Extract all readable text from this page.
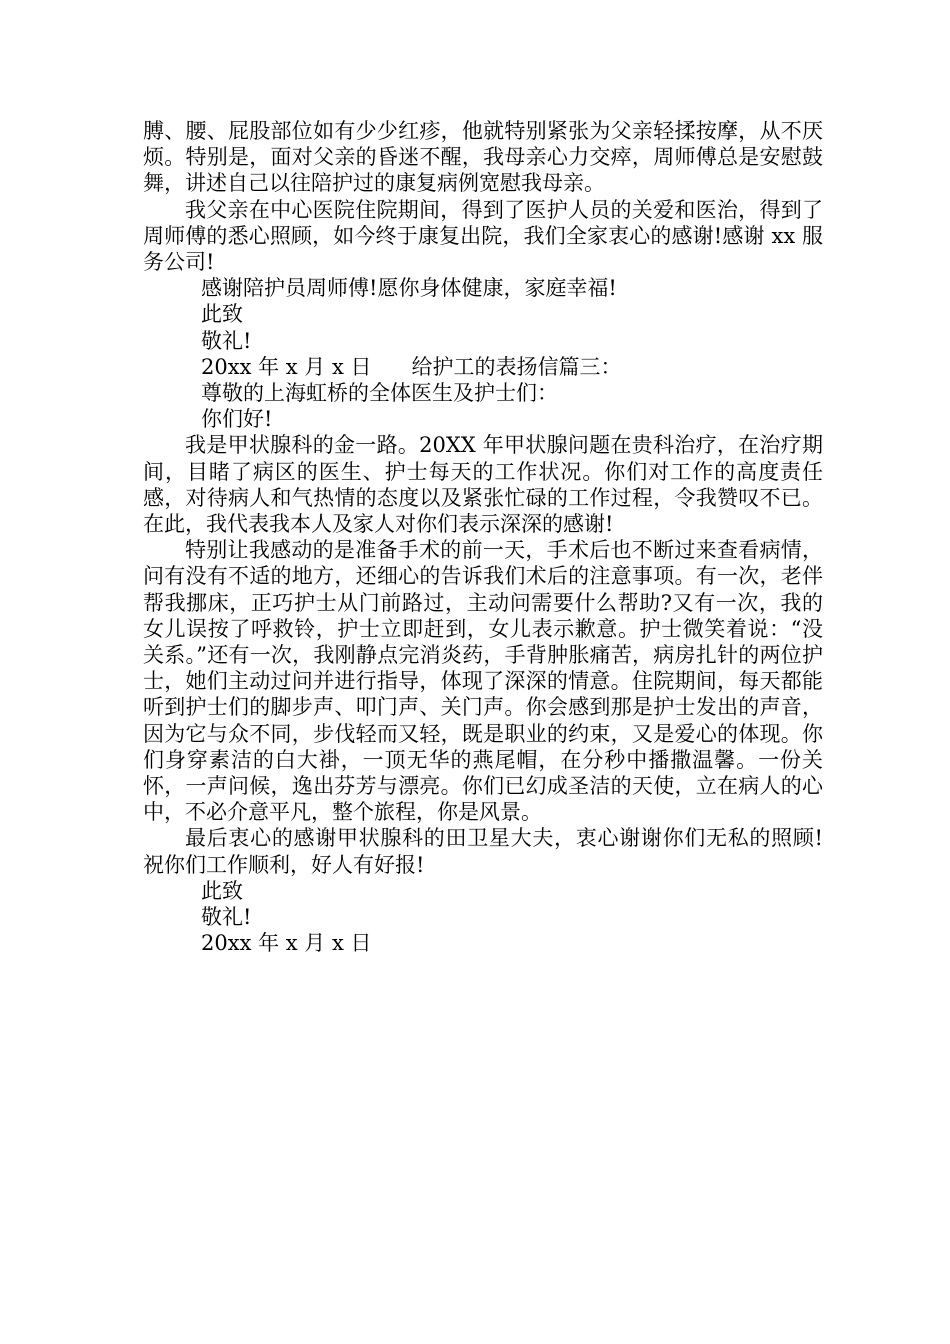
膊、腰、屁股部位如有少少红疹，他就特别紧张为父亲轻揉按摩，从不厌烦。特别是，面对父亲的昏迷不醒，我母亲心力交瘁，周师傅总是安慰鼓舞，讲述自己以往陪护过的康复病例宽慰我母亲。

我父亲在中心医院住院期间，得到了医护人员的关爱和医治，得到了周师傅的悉心照顾，如今终于康复出院，我们全家衷心的感谢!感谢 xx 服务公司!

感谢陪护员周师傅!愿你身体健康，家庭幸福!
此致
敬礼!
20xx 年 x 月 x 日 给护工的表扬信篇三：
尊敬的上海虹桥的全体医生及护士们：
你们好!

我是甲状腺科的金一路。20XX 年甲状腺问题在贵科治疗，在治疗期间，目睹了病区的医生、护士每天的工作状况。你们对工作的高度责任感，对待病人和气热情的态度以及紧张忙碌的工作过程，令我赞叹不已。在此，我代表我本人及家人对你们表示深深的感谢!

特别让我感动的是准备手术的前一天，手术后也不断过来查看病情，问有没有不适的地方，还细心的告诉我们术后的注意事项。有一次，老伴帮我挪床，正巧护士从门前路过，主动问需要什么帮助?又有一次，我的女儿误按了呼救铃，护士立即赶到，女儿表示歉意。护士微笑着说：“没关系。”还有一次，我刚静点完消炎药，手背肿胀痛苦，病房扎针的两位护士，她们主动过问并进行指导，体现了深深的情意。住院期间，每天都能听到护士们的脚步声、叩门声、关门声。你会感到那是护士发出的声音，因为它与众不同，步伐轻而又轻，既是职业的约束，又是爱心的体现。你们身穿素洁的白大褂，一顶无华的燕尾帽，在分秒中播撒温馨。一份关怀，一声问候，逸出芬芳与漂亮。你们已幻成圣洁的天使，立在病人的心中，不必介意平凡，整个旅程，你是风景。

最后衷心的感谢甲状腺科的田卫星大夫，衷心谢谢你们无私的照顾!祝你们工作顺利，好人有好报!

此致
敬礼!
20xx 年 x 月 x 日
